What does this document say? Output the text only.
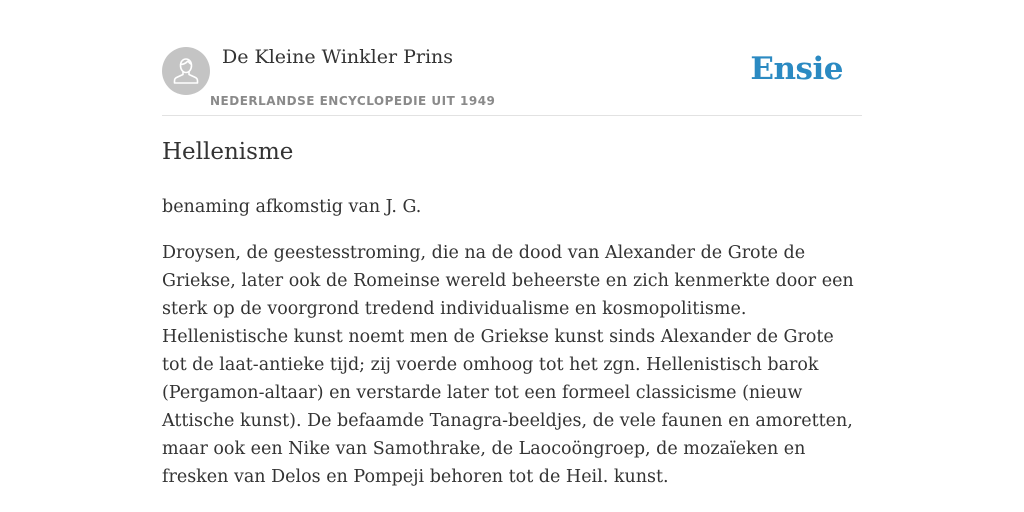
De Kleine Winkler Prins
NEDERLANDSE ENCYCLOPEDIE UIT 1949
Ensie
Hellenisme

benaming afkomstig van J. G.

Droysen, de geestesstroming, die na de dood van Alexander de Grote de Griekse, later ook de Romeinse wereld beheerste en zich kenmerkte door een sterk op de voorgrond tredend individualisme en kosmopolitisme. Hellenistische kunst noemt men de Griekse kunst sinds Alexander de Grote tot de laat-antieke tijd; zij voerde omhoog tot het zgn. Hellenistisch barok (Pergamon-altaar) en verstarde later tot een formeel classicisme (nieuw Attische kunst). De befaamde Tanagra-beeldjes, de vele faunen en amoretten, maar ook een Nike van Samothrake, de Laocoöngroep, de mozaïeken en fresken van Delos en Pompeji behoren tot de Heil. kunst.
